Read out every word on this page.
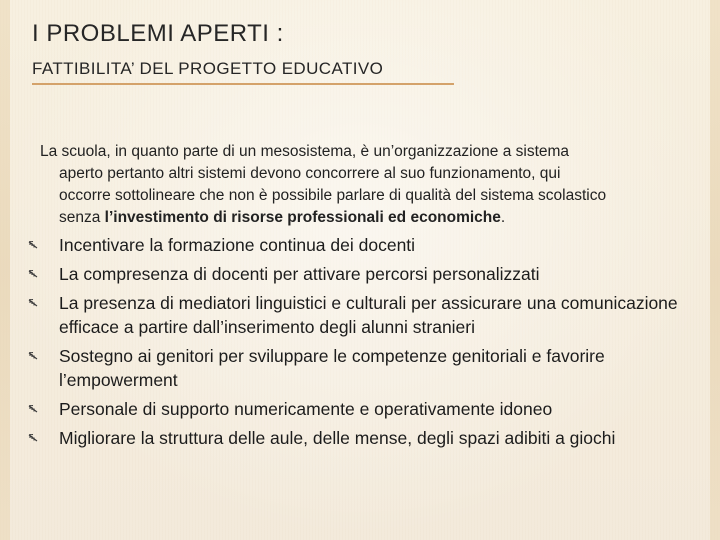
I PROBLEMI APERTI :
FATTIBILITA’ DEL PROGETTO EDUCATIVO
La scuola, in quanto parte di un mesosistema, è un’organizzazione a sistema
aperto pertanto altri sistemi devono concorrere al suo funzionamento, qui
occorre sottolineare che non è possibile parlare di qualità del sistema scolastico
senza l’investimento di risorse professionali ed economiche.
Incentivare la formazione continua dei docenti
La compresenza di docenti per attivare percorsi personalizzati
La presenza di mediatori linguistici e culturali per assicurare una comunicazione efficace a partire dall’inserimento degli alunni stranieri
Sostegno ai genitori per sviluppare le competenze genitoriali e favorire l’empowerment
Personale di supporto numericamente e operativamente idoneo
Migliorare la struttura delle aule, delle mense, degli spazi adibiti a giochi
